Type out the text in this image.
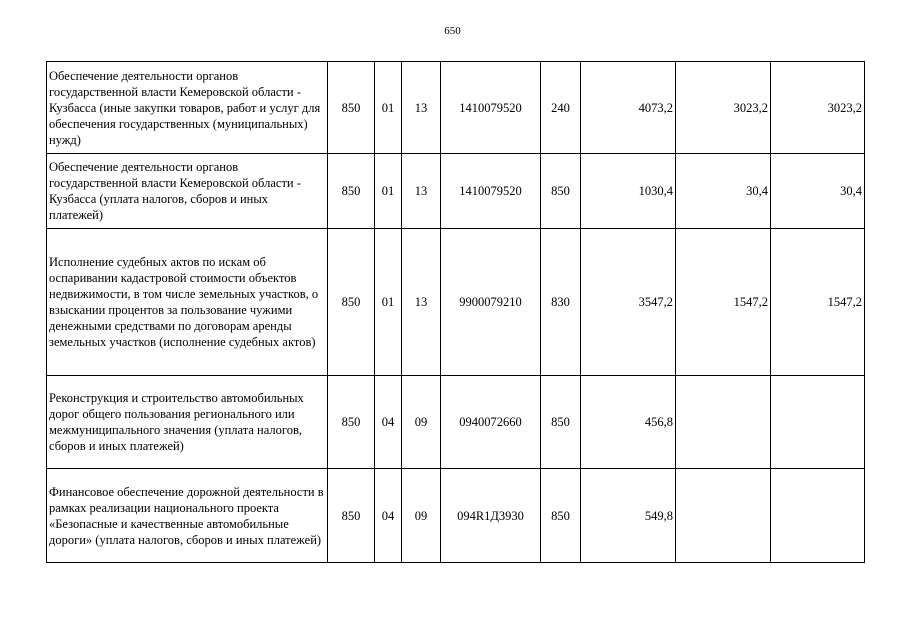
650
Обеспечение деятельности органов государственной власти Кемеровской области - Кузбасса (иные закупки товаров, работ и услуг для обеспечения государственных (муниципальных) нужд)	850	01	13	1410079520	240	4073,2	3023,2	3023,2
Обеспечение деятельности органов государственной власти Кемеровской области - Кузбасса (уплата налогов, сборов и иных платежей)	850	01	13	1410079520	850	1030,4	30,4	30,4
Исполнение судебных актов по искам об оспаривании кадастровой стоимости объектов недвижимости, в том числе земельных участков, о взыскании процентов за пользование чужими денежными средствами по договорам аренды земельных участков (исполнение судебных актов)	850	01	13	9900079210	830	3547,2	1547,2	1547,2
Реконструкция и строительство автомобильных дорог общего пользования регионального или межмуниципального значения (уплата налогов, сборов и иных платежей)	850	04	09	0940072660	850	456,8		
Финансовое обеспечение дорожной деятельности в рамках реализации национального проекта «Безопасные и качественные автомобильные дороги» (уплата налогов, сборов и иных платежей)	850	04	09	094R1Д3930	850	549,8		
